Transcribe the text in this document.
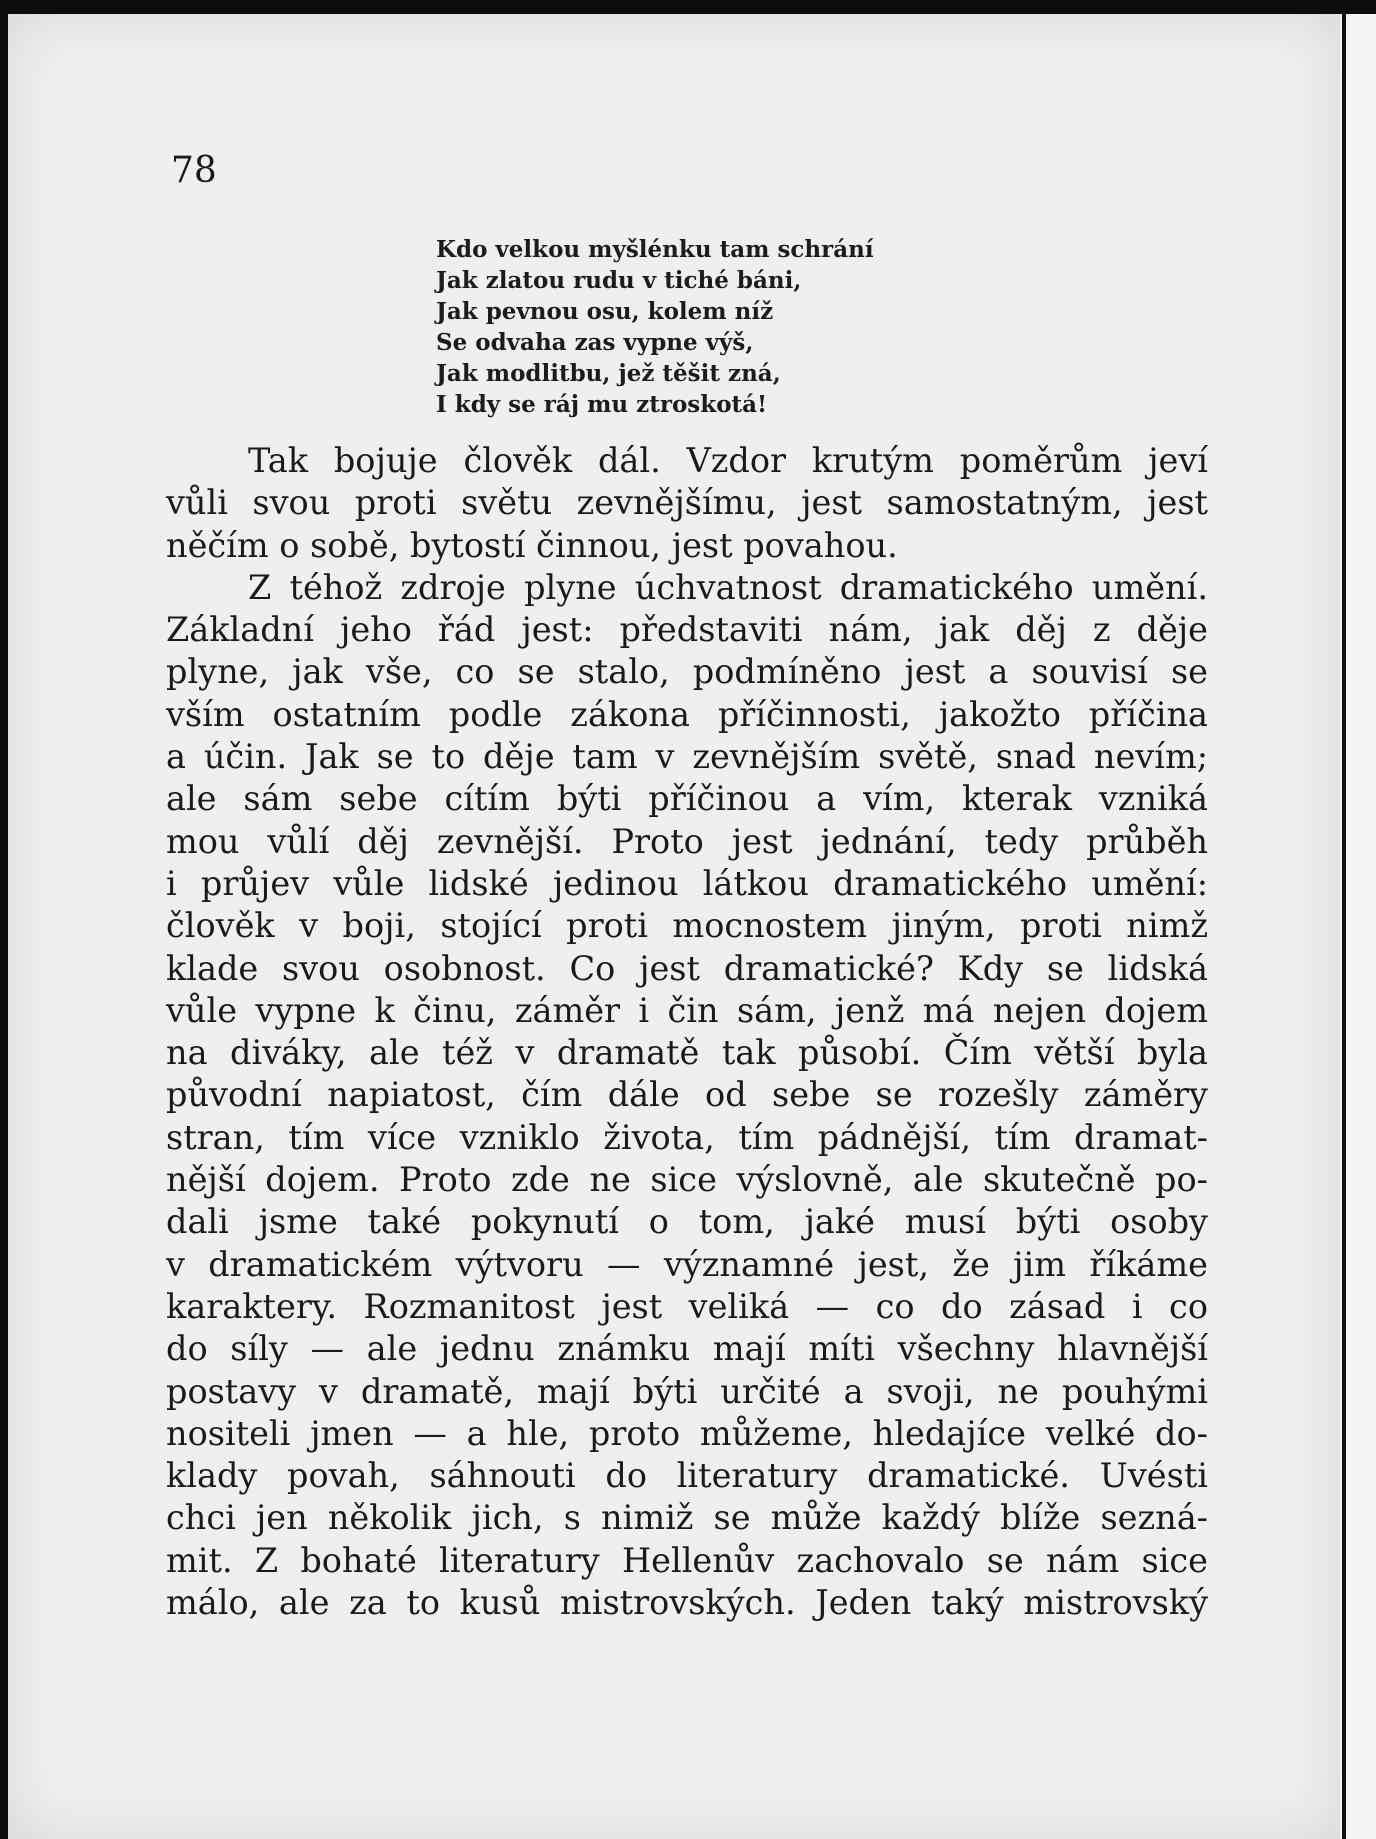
78
Kdo velkou myšlénku tam schrání
Jak zlatou rudu v tiché báni,
Jak pevnou osu, kolem níž
Se odvaha zas vypne výš,
Jak modlitbu, jež těšit zná,
I kdy se ráj mu ztroskotá!
Tak bojuje člověk dál. Vzdor krutým poměrům jeví
vůli svou proti světu zevnějšímu, jest samostatným, jest
něčím o sobě, bytostí činnou, jest povahou.
Z téhož zdroje plyne úchvatnost dramatického umění.
Základní jeho řád jest: představiti nám, jak děj z děje
plyne, jak vše, co se stalo, podmíněno jest a souvisí se
vším ostatním podle zákona příčinnosti, jakožto příčina
a účin. Jak se to děje tam v zevnějším světě, snad nevím;
ale sám sebe cítím býti příčinou a vím, kterak vzniká
mou vůlí děj zevnější. Proto jest jednání, tedy průběh
i průjev vůle lidské jedinou látkou dramatického umění:
člověk v boji, stojící proti mocnostem jiným, proti nimž
klade svou osobnost. Co jest dramatické? Kdy se lidská
vůle vypne k činu, záměr i čin sám, jenž má nejen dojem
na diváky, ale též v dramatě tak působí. Čím větší byla
původní napiatost, čím dále od sebe se rozešly záměry
stran, tím více vzniklo života, tím pádnější, tím dramat-
nější dojem. Proto zde ne sice výslovně, ale skutečně po-
dali jsme také pokynutí o tom, jaké musí býti osoby
v dramatickém výtvoru — významné jest, že jim říkáme
karaktery. Rozmanitost jest veliká — co do zásad i co
do síly — ale jednu známku mají míti všechny hlavnější
postavy v dramatě, mají býti určité a svoji, ne pouhými
nositeli jmen — a hle, proto můžeme, hledajíce velké do-
klady povah, sáhnouti do literatury dramatické. Uvésti
chci jen několik jich, s nimiž se může každý blíže sezná-
mit. Z bohaté literatury Hellenův zachovalo se nám sice
málo, ale za to kusů mistrovských. Jeden taký mistrovský
